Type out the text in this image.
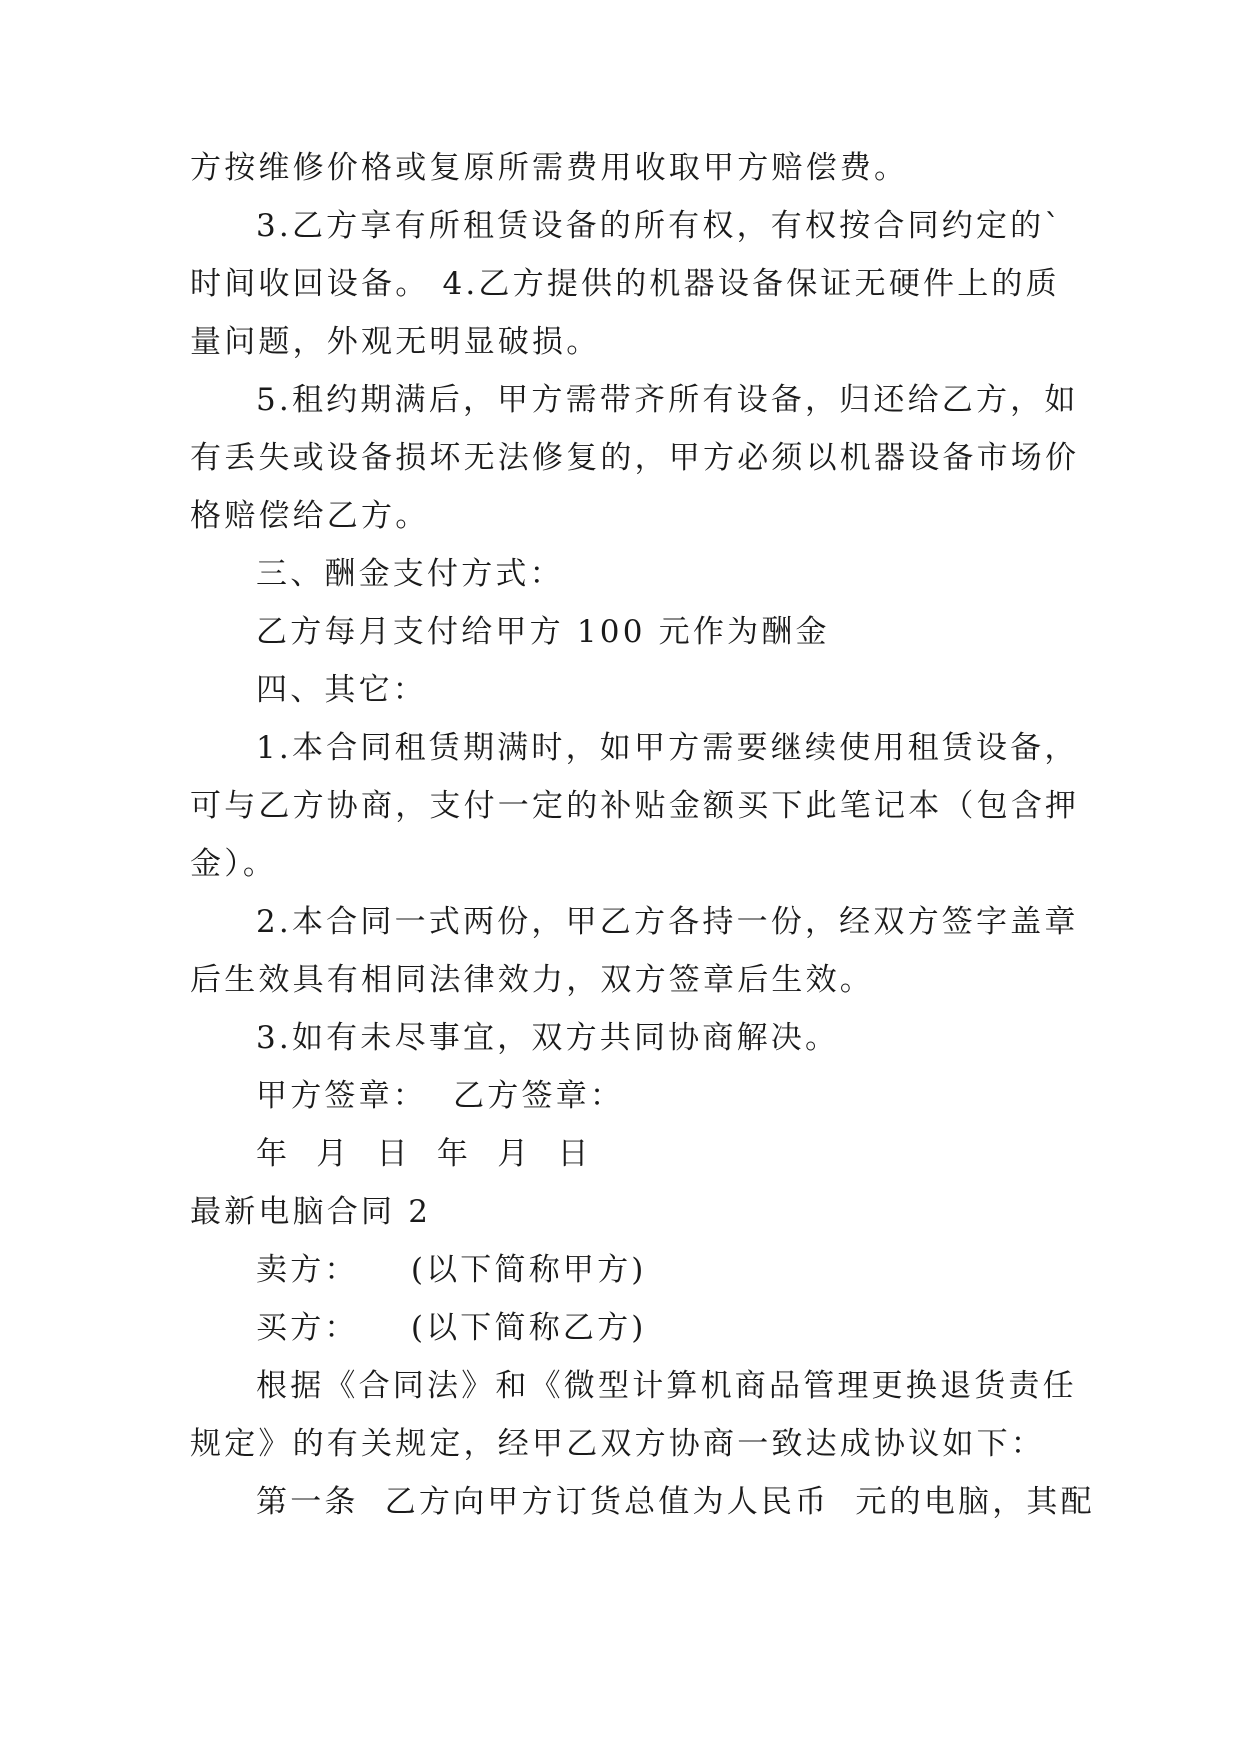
方按维修价格或复原所需费用收取甲方赔偿费。
3.乙方享有所租赁设备的所有权，有权按合同约定的`
时间收回设备。 4.乙方提供的机器设备保证无硬件上的质
量问题，外观无明显破损。
5.租约期满后，甲方需带齐所有设备，归还给乙方，如
有丢失或设备损坏无法修复的，甲方必须以机器设备市场价
格赔偿给乙方。
三、酬金支付方式：
乙方每月支付给甲方 100 元作为酬金
四、其它：
1.本合同租赁期满时，如甲方需要继续使用租赁设备，
可与乙方协商，支付一定的补贴金额买下此笔记本（包含押
金）。
2.本合同一式两份，甲乙方各持一份，经双方签字盖章
后生效具有相同法律效力，双方签章后生效。
3.如有未尽事宜，双方共同协商解决。
甲方签章：  乙方签章：
年  月  日  年  月  日
最新电脑合同 2
卖方：    (以下简称甲方)
买方：    (以下简称乙方)
根据《合同法》和《微型计算机商品管理更换退货责任
规定》的有关规定，经甲乙双方协商一致达成协议如下：
第一条  乙方向甲方订货总值为人民币  元的电脑，其配
